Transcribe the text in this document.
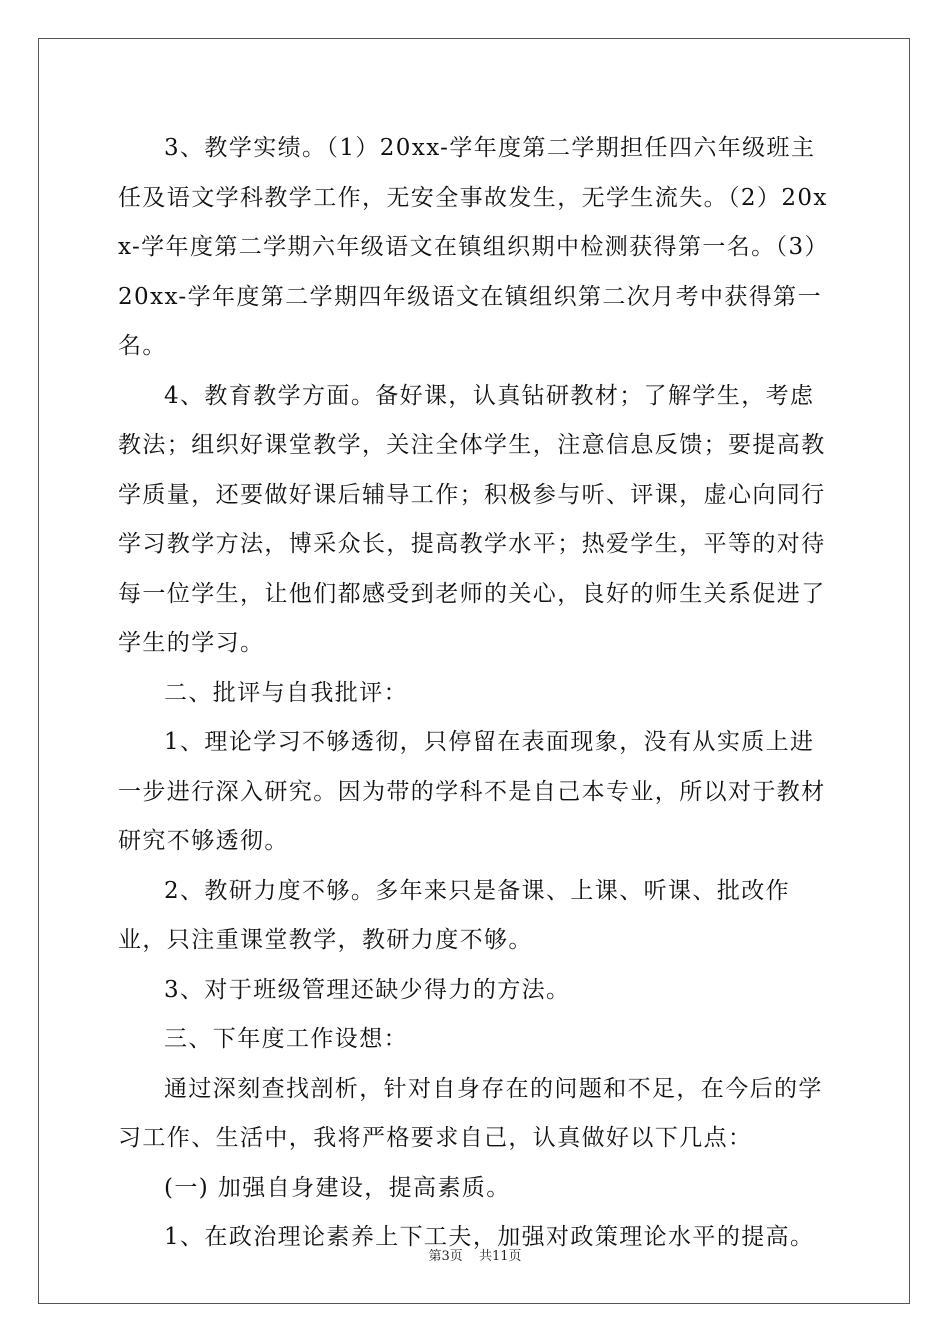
3、教学实绩。（1）20xx-学年度第二学期担任四六年级班主任及语文学科教学工作，无安全事故发生，无学生流失。（2）20xx-学年度第二学期六年级语文在镇组织期中检测获得第一名。（3）20xx-学年度第二学期四年级语文在镇组织第二次月考中获得第一名。

4、教育教学方面。备好课，认真钻研教材；了解学生，考虑教法；组织好课堂教学，关注全体学生，注意信息反馈；要提高教学质量，还要做好课后辅导工作；积极参与听、评课，虚心向同行学习教学方法，博采众长，提高教学水平；热爱学生，平等的对待每一位学生，让他们都感受到老师的关心，良好的师生关系促进了学生的学习。

二、批评与自我批评：

1、理论学习不够透彻，只停留在表面现象，没有从实质上进一步进行深入研究。因为带的学科不是自己本专业，所以对于教材研究不够透彻。

2、教研力度不够。多年来只是备课、上课、听课、批改作业，只注重课堂教学，教研力度不够。

3、对于班级管理还缺少得力的方法。

三、下年度工作设想：

通过深刻查找剖析，针对自身存在的问题和不足，在今后的学习工作、生活中，我将严格要求自己，认真做好以下几点：

(一) 加强自身建设，提高素质。

1、在政治理论素养上下工夫，加强对政策理论水平的提高。

第3页 共11页
